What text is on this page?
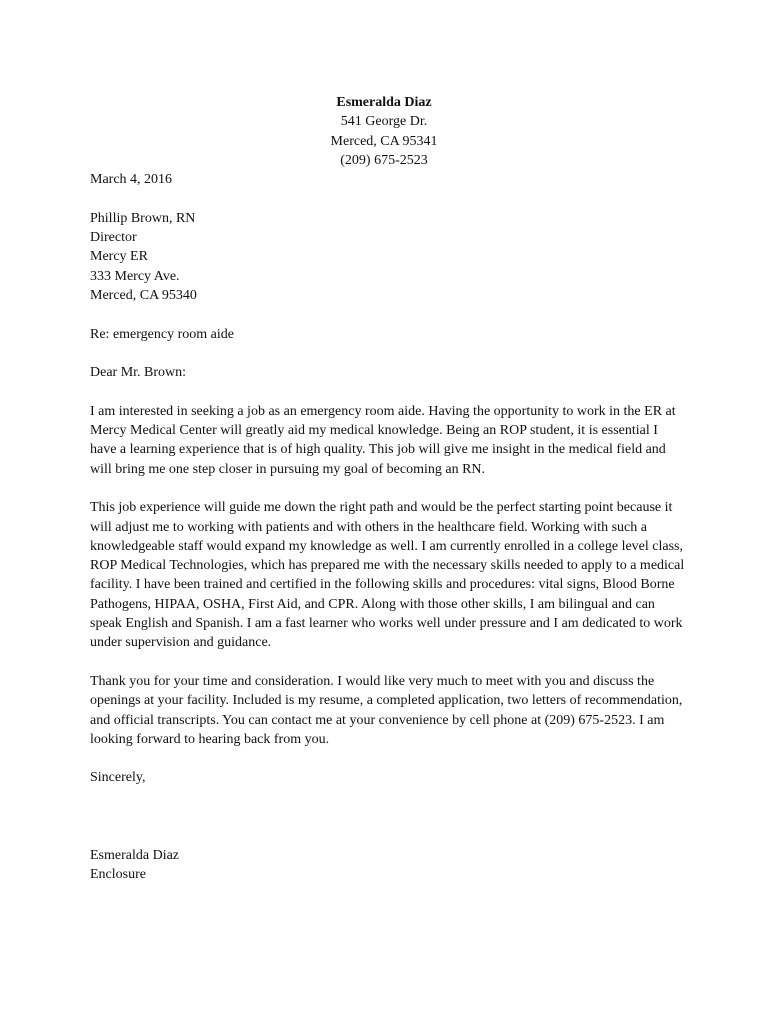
Esmeralda Diaz
541 George Dr.
Merced, CA 95341
(209) 675-2523
March 4, 2016
Phillip Brown, RN
Director
Mercy ER
333 Mercy Ave.
Merced, CA 95340
Re: emergency room aide
Dear Mr. Brown:
I am interested in seeking a job as an emergency room aide. Having the opportunity to work in the ER at
Mercy Medical Center will greatly aid my medical knowledge. Being an ROP student, it is essential I
have a learning experience that is of high quality. This job will give me insight in the medical field and
will bring me one step closer in pursuing my goal of becoming an RN.
This job experience will guide me down the right path and would be the perfect starting point because it
will adjust me to working with patients and with others in the healthcare field. Working with such a
knowledgeable staff would expand my knowledge as well. I am currently enrolled in a college level class,
ROP Medical Technologies, which has prepared me with the necessary skills needed to apply to a medical
facility. I have been trained and certified in the following skills and procedures: vital signs, Blood Borne
Pathogens, HIPAA, OSHA, First Aid, and CPR. Along with those other skills, I am bilingual and can
speak English and Spanish. I am a fast learner who works well under pressure and I am dedicated to work
under supervision and guidance.
Thank you for your time and consideration. I would like very much to meet with you and discuss the
openings at your facility. Included is my resume, a completed application, two letters of recommendation,
and official transcripts. You can contact me at your convenience by cell phone at (209) 675-2523. I am
looking forward to hearing back from you.
Sincerely,
Esmeralda Diaz
Enclosure
